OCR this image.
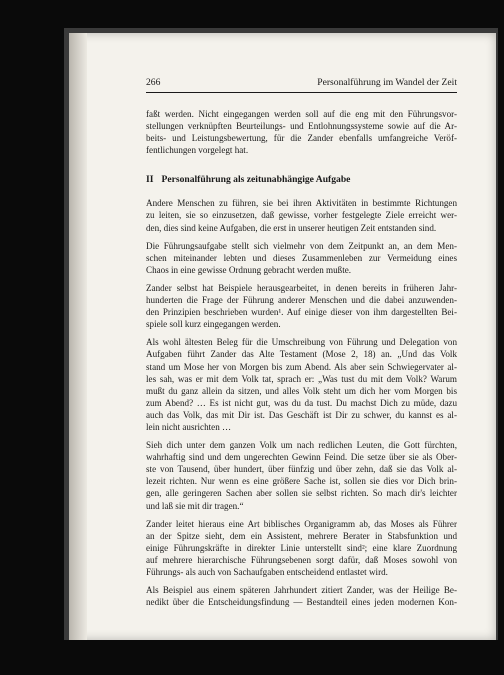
266	Personalführung im Wandel der Zeit

faßt werden. Nicht eingegangen werden soll auf die eng mit den Führungsvor-
stellungen verknüpften Beurteilungs- und Entlohnungssysteme sowie auf die Ar-
beits- und Leistungsbewertung, für die Zander ebenfalls umfangreiche Veröf-
fentlichungen vorgelegt hat.

II Personalführung als zeitunabhängige Aufgabe

Andere Menschen zu führen, sie bei ihren Aktivitäten in bestimmte Richtungen
zu leiten, sie so einzusetzen, daß gewisse, vorher festgelegte Ziele erreicht wer-
den, dies sind keine Aufgaben, die erst in unserer heutigen Zeit entstanden sind.

Die Führungsaufgabe stellt sich vielmehr von dem Zeitpunkt an, an dem Men-
schen miteinander lebten und dieses Zusammenleben zur Vermeidung eines
Chaos in eine gewisse Ordnung gebracht werden mußte.

Zander selbst hat Beispiele herausgearbeitet, in denen bereits in früheren Jahr-
hunderten die Frage der Führung anderer Menschen und die dabei anzuwenden-
den Prinzipien beschrieben wurden¹. Auf einige dieser von ihm dargestellten Bei-
spiele soll kurz eingegangen werden.

Als wohl ältesten Beleg für die Umschreibung von Führung und Delegation von
Aufgaben führt Zander das Alte Testament (Mose 2, 18) an. „Und das Volk
stand um Mose her von Morgen bis zum Abend. Als aber sein Schwiegervater al-
les sah, was er mit dem Volk tat, sprach er: „Was tust du mit dem Volk? Warum
mußt du ganz allein da sitzen, und alles Volk steht um dich her vom Morgen bis
zum Abend? … Es ist nicht gut, was du da tust. Du machst Dich zu müde, dazu
auch das Volk, das mit Dir ist. Das Geschäft ist Dir zu schwer, du kannst es al-
lein nicht ausrichten …

Sieh dich unter dem ganzen Volk um nach redlichen Leuten, die Gott fürchten,
wahrhaftig sind und dem ungerechten Gewinn Feind. Die setze über sie als Ober-
ste von Tausend, über hundert, über fünfzig und über zehn, daß sie das Volk al-
lezeit richten. Nur wenn es eine größere Sache ist, sollen sie dies vor Dich brin-
gen, alle geringeren Sachen aber sollen sie selbst richten. So mach dir's leichter
und laß sie mit dir tragen.“

Zander leitet hieraus eine Art biblisches Organigramm ab, das Moses als Führer
an der Spitze sieht, dem ein Assistent, mehrere Berater in Stabsfunktion und
einige Führungskräfte in direkter Linie unterstellt sind²; eine klare Zuordnung
auf mehrere hierarchische Führungsebenen sorgt dafür, daß Moses sowohl von
Führungs- als auch von Sachaufgaben entscheidend entlastet wird.

Als Beispiel aus einem späteren Jahrhundert zitiert Zander, was der Heilige Be-
nedikt über die Entscheidungsfindung — Bestandteil eines jeden modernen Kon-
